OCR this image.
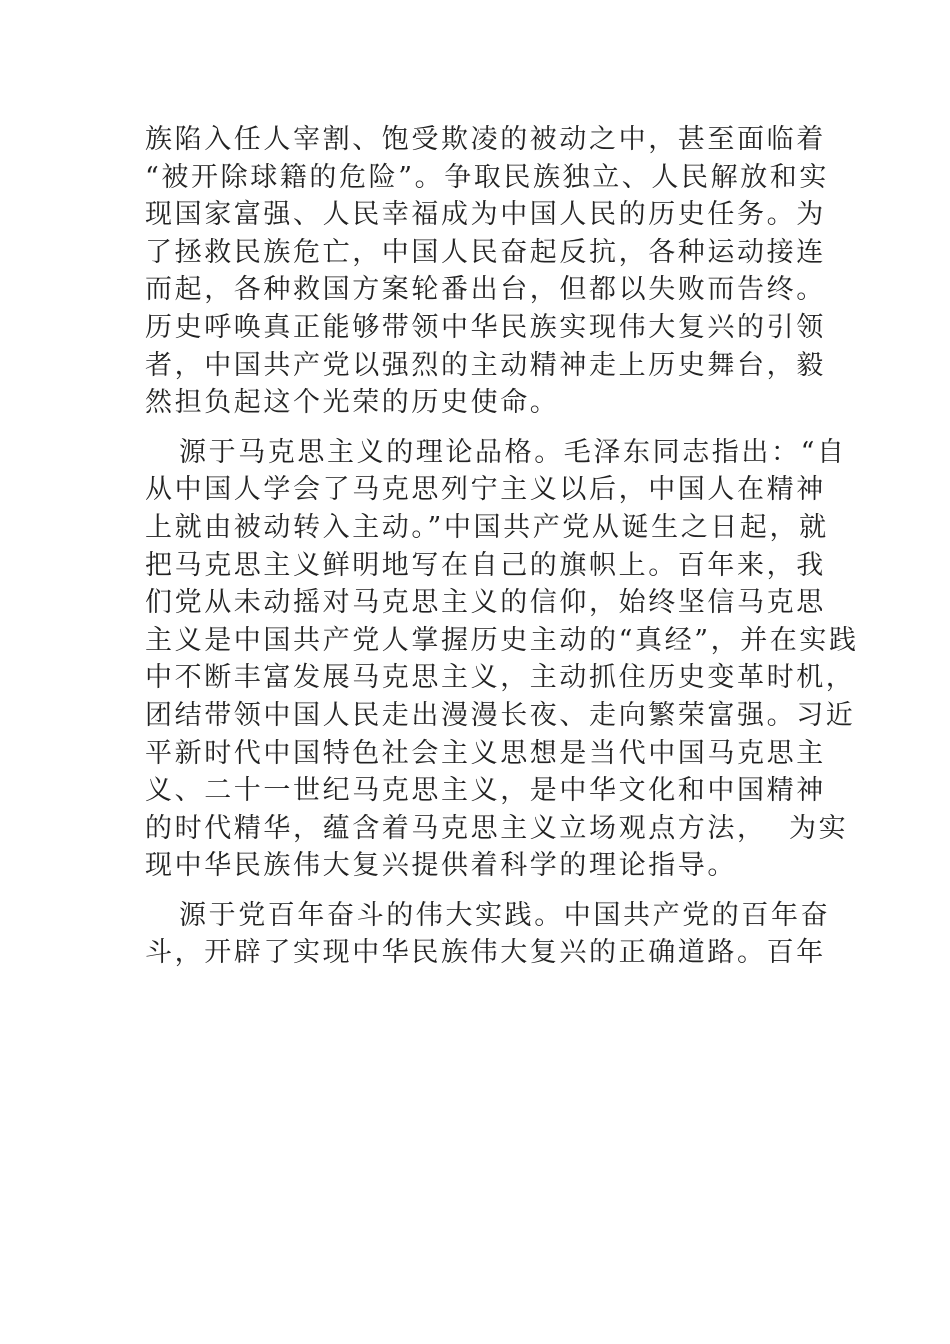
族陷入任人宰割、饱受欺凌的被动之中，甚至面临着
“被开除球籍的危险”。争取民族独立、人民解放和实
现国家富强、人民幸福成为中国人民的历史任务。为
了拯救民族危亡，中国人民奋起反抗，各种运动接连
而起，各种救国方案轮番出台，但都以失败而告终。
历史呼唤真正能够带领中华民族实现伟大复兴的引领
者，中国共产党以强烈的主动精神走上历史舞台，毅
然担负起这个光荣的历史使命。

源于马克思主义的理论品格。毛泽东同志指出：“自
从中国人学会了马克思列宁主义以后，中国人在精神
上就由被动转入主动。”中国共产党从诞生之日起，就
把马克思主义鲜明地写在自己的旗帜上。百年来，我
们党从未动摇对马克思主义的信仰，始终坚信马克思
主义是中国共产党人掌握历史主动的“真经”，并在实践
中不断丰富发展马克思主义，主动抓住历史变革时机，
团结带领中国人民走出漫漫长夜、走向繁荣富强。习近
平新时代中国特色社会主义思想是当代中国马克思主
义、二十一世纪马克思主义，是中华文化和中国精神
的时代精华，蕴含着马克思主义立场观点方法，  为实
现中华民族伟大复兴提供着科学的理论指导。

源于党百年奋斗的伟大实践。中国共产党的百年奋
斗，开辟了实现中华民族伟大复兴的正确道路。百年
